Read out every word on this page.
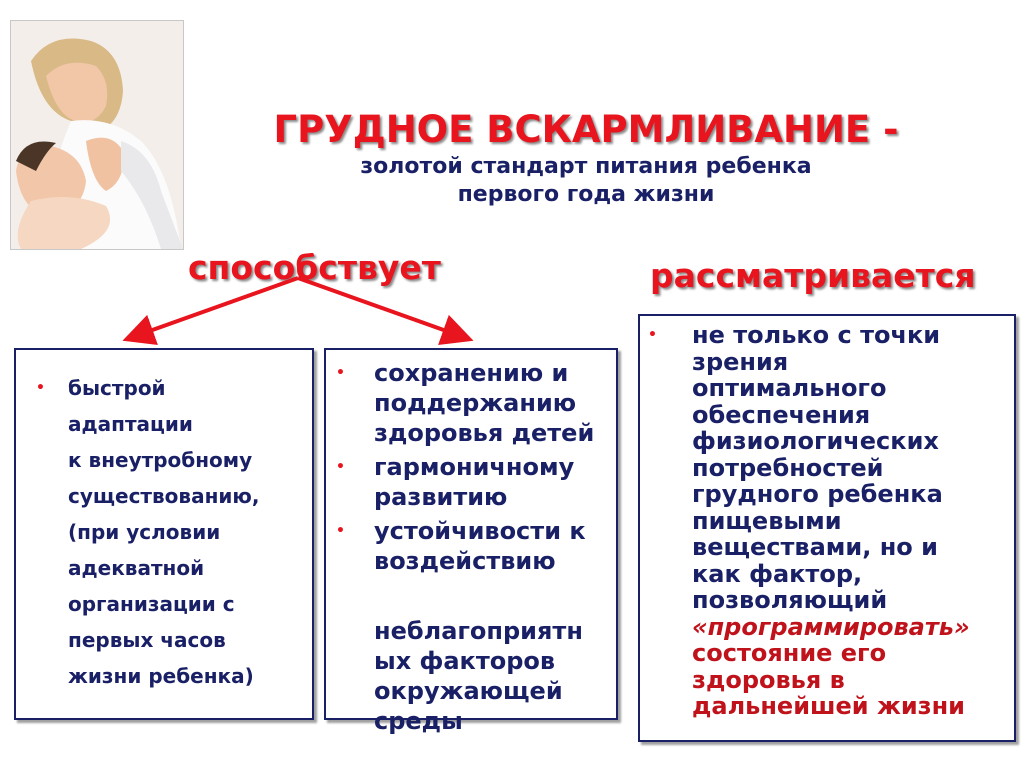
ГРУДНОЕ ВСКАРМЛИВАНИЕ -
золотой стандарт питания ребенка
первого года жизни
способствует	рассматривается
• быстрой
адаптации
к внеутробному
существованию,
(при условии
адекватной
организации с
первых часов
жизни ребенка)
• сохранению и
поддержанию
здоровья детей
• гармоничному
развитию
• устойчивости к
воздействию
неблагоприятн
ых факторов
окружающей
среды
• не только с точки
зрения
оптимального
обеспечения
физиологических
потребностей
грудного ребенка
пищевыми
веществами, но и
как фактор,
позволяющий
«программировать»
состояние его
здоровья в
дальнейшей жизни
